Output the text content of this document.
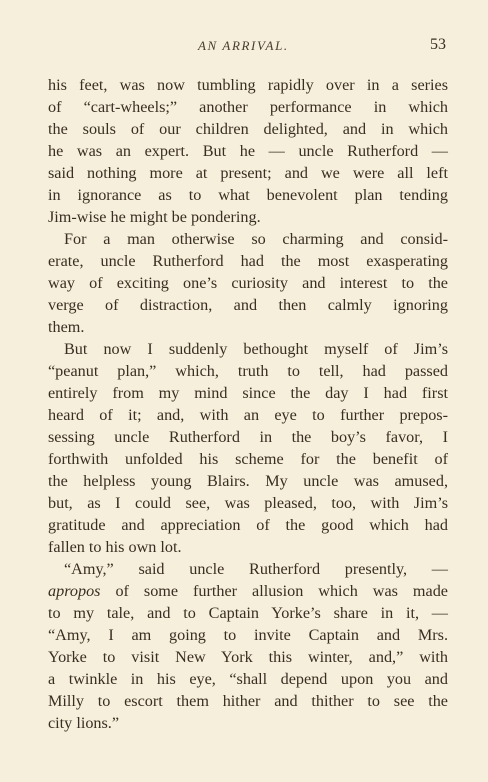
AN ARRIVAL.	53
his feet, was now tumbling rapidly over in a series
of “cart-wheels;” another performance in which
the souls of our children delighted, and in which
he was an expert. But he — uncle Rutherford —
said nothing more at present; and we were all left
in ignorance as to what benevolent plan tending
Jim-wise he might be pondering.
For a man otherwise so charming and consid-
erate, uncle Rutherford had the most exasperating
way of exciting one’s curiosity and interest to the
verge of distraction, and then calmly ignoring
them.
But now I suddenly bethought myself of Jim’s
“peanut plan,” which, truth to tell, had passed
entirely from my mind since the day I had first
heard of it; and, with an eye to further prepos-
sessing uncle Rutherford in the boy’s favor, I
forthwith unfolded his scheme for the benefit of
the helpless young Blairs. My uncle was amused,
but, as I could see, was pleased, too, with Jim’s
gratitude and appreciation of the good which had
fallen to his own lot.
“Amy,” said uncle Rutherford presently, —
apropos of some further allusion which was made
to my tale, and to Captain Yorke’s share in it, —
“Amy, I am going to invite Captain and Mrs.
Yorke to visit New York this winter, and,” with
a twinkle in his eye, “shall depend upon you and
Milly to escort them hither and thither to see the
city lions.”
